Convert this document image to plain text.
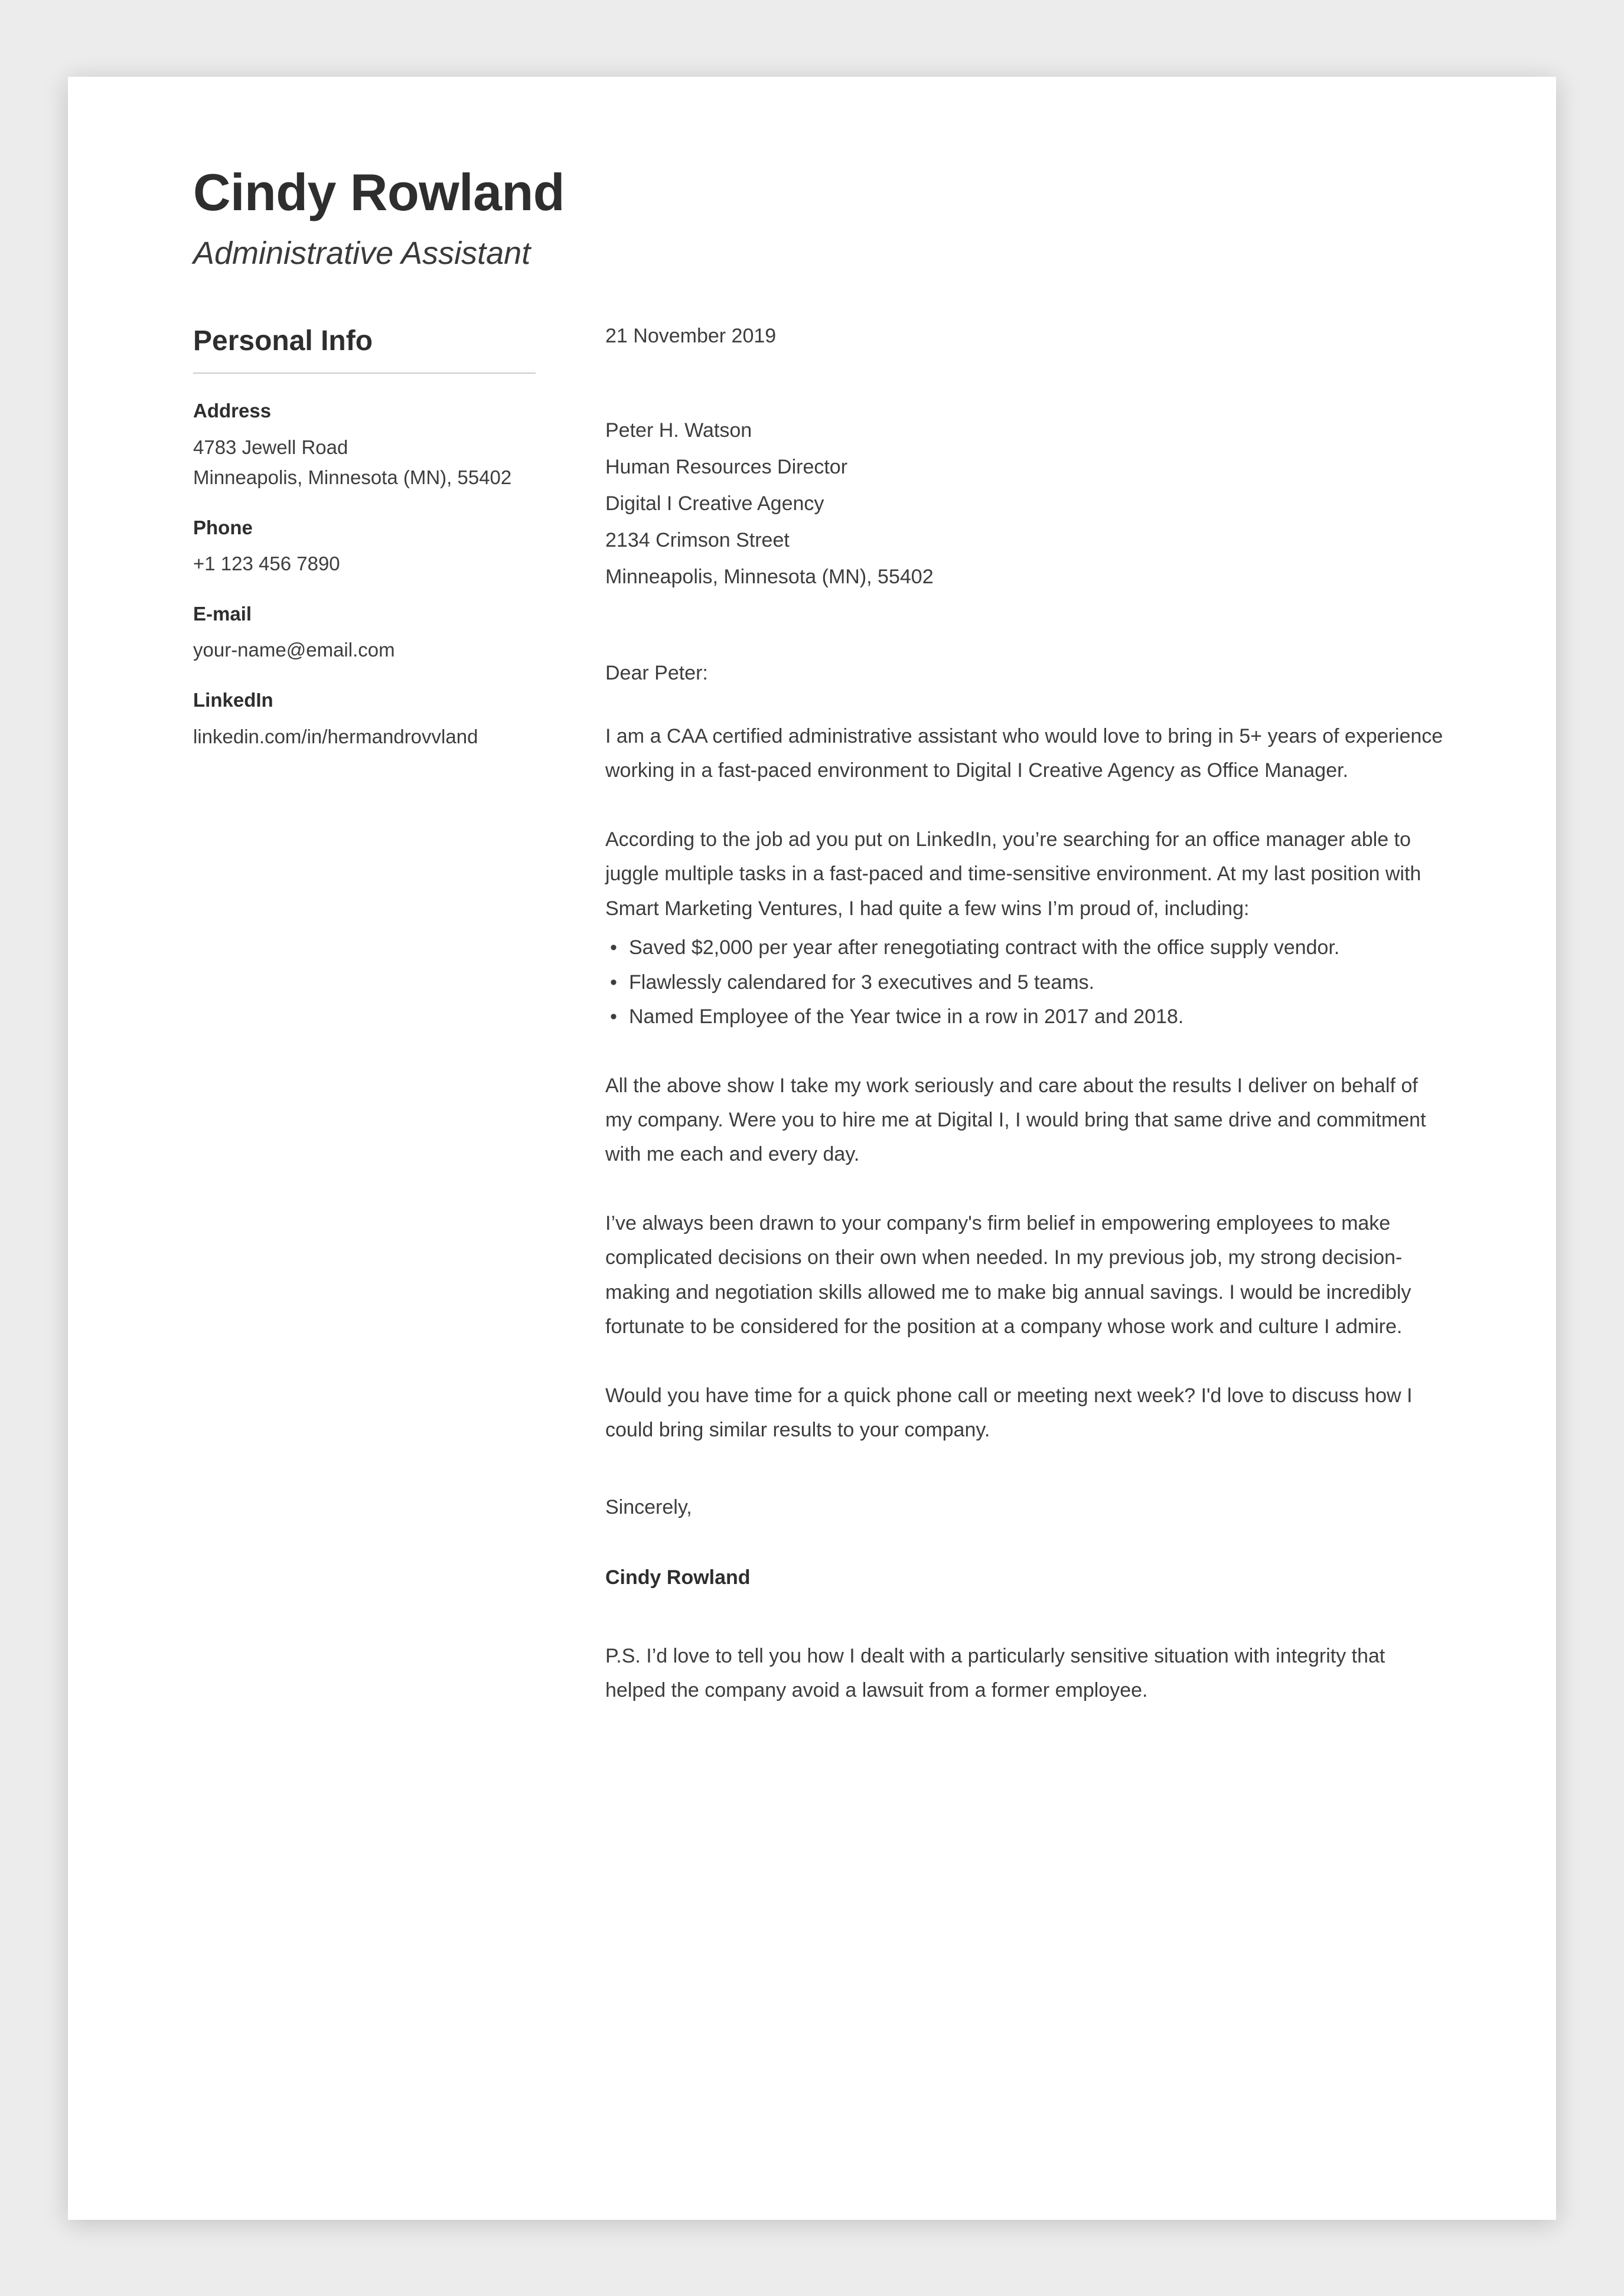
Cindy Rowland
Administrative Assistant
Personal Info
Address
4783 Jewell Road
Minneapolis, Minnesota (MN), 55402
Phone
+1 123 456 7890
E-mail
your-name@email.com
LinkedIn
linkedin.com/in/hermandrovvland
21 November 2019
Peter H. Watson
Human Resources Director
Digital I Creative Agency
2134 Crimson Street
Minneapolis, Minnesota (MN), 55402
Dear Peter:

I am a CAA certified administrative assistant who would love to bring in 5+ years of experience working in a fast-paced environment to Digital I Creative Agency as Office Manager.

According to the job ad you put on LinkedIn, you’re searching for an office manager able to juggle multiple tasks in a fast-paced and time-sensitive environment. At my last position with Smart Marketing Ventures, I had quite a few wins I’m proud of, including:

• Saved $2,000 per year after renegotiating contract with the office supply vendor.
• Flawlessly calendared for 3 executives and 5 teams.
• Named Employee of the Year twice in a row in 2017 and 2018.

All the above show I take my work seriously and care about the results I deliver on behalf of my company. Were you to hire me at Digital I, I would bring that same drive and commitment with me each and every day.

I’ve always been drawn to your company's firm belief in empowering employees to make complicated decisions on their own when needed. In my previous job, my strong decision-making and negotiation skills allowed me to make big annual savings. I would be incredibly fortunate to be considered for the position at a company whose work and culture I admire.

Would you have time for a quick phone call or meeting next week? I'd love to discuss how I could bring similar results to your company.

Sincerely,
Cindy Rowland

P.S. I’d love to tell you how I dealt with a particularly sensitive situation with integrity that helped the company avoid a lawsuit from a former employee.
